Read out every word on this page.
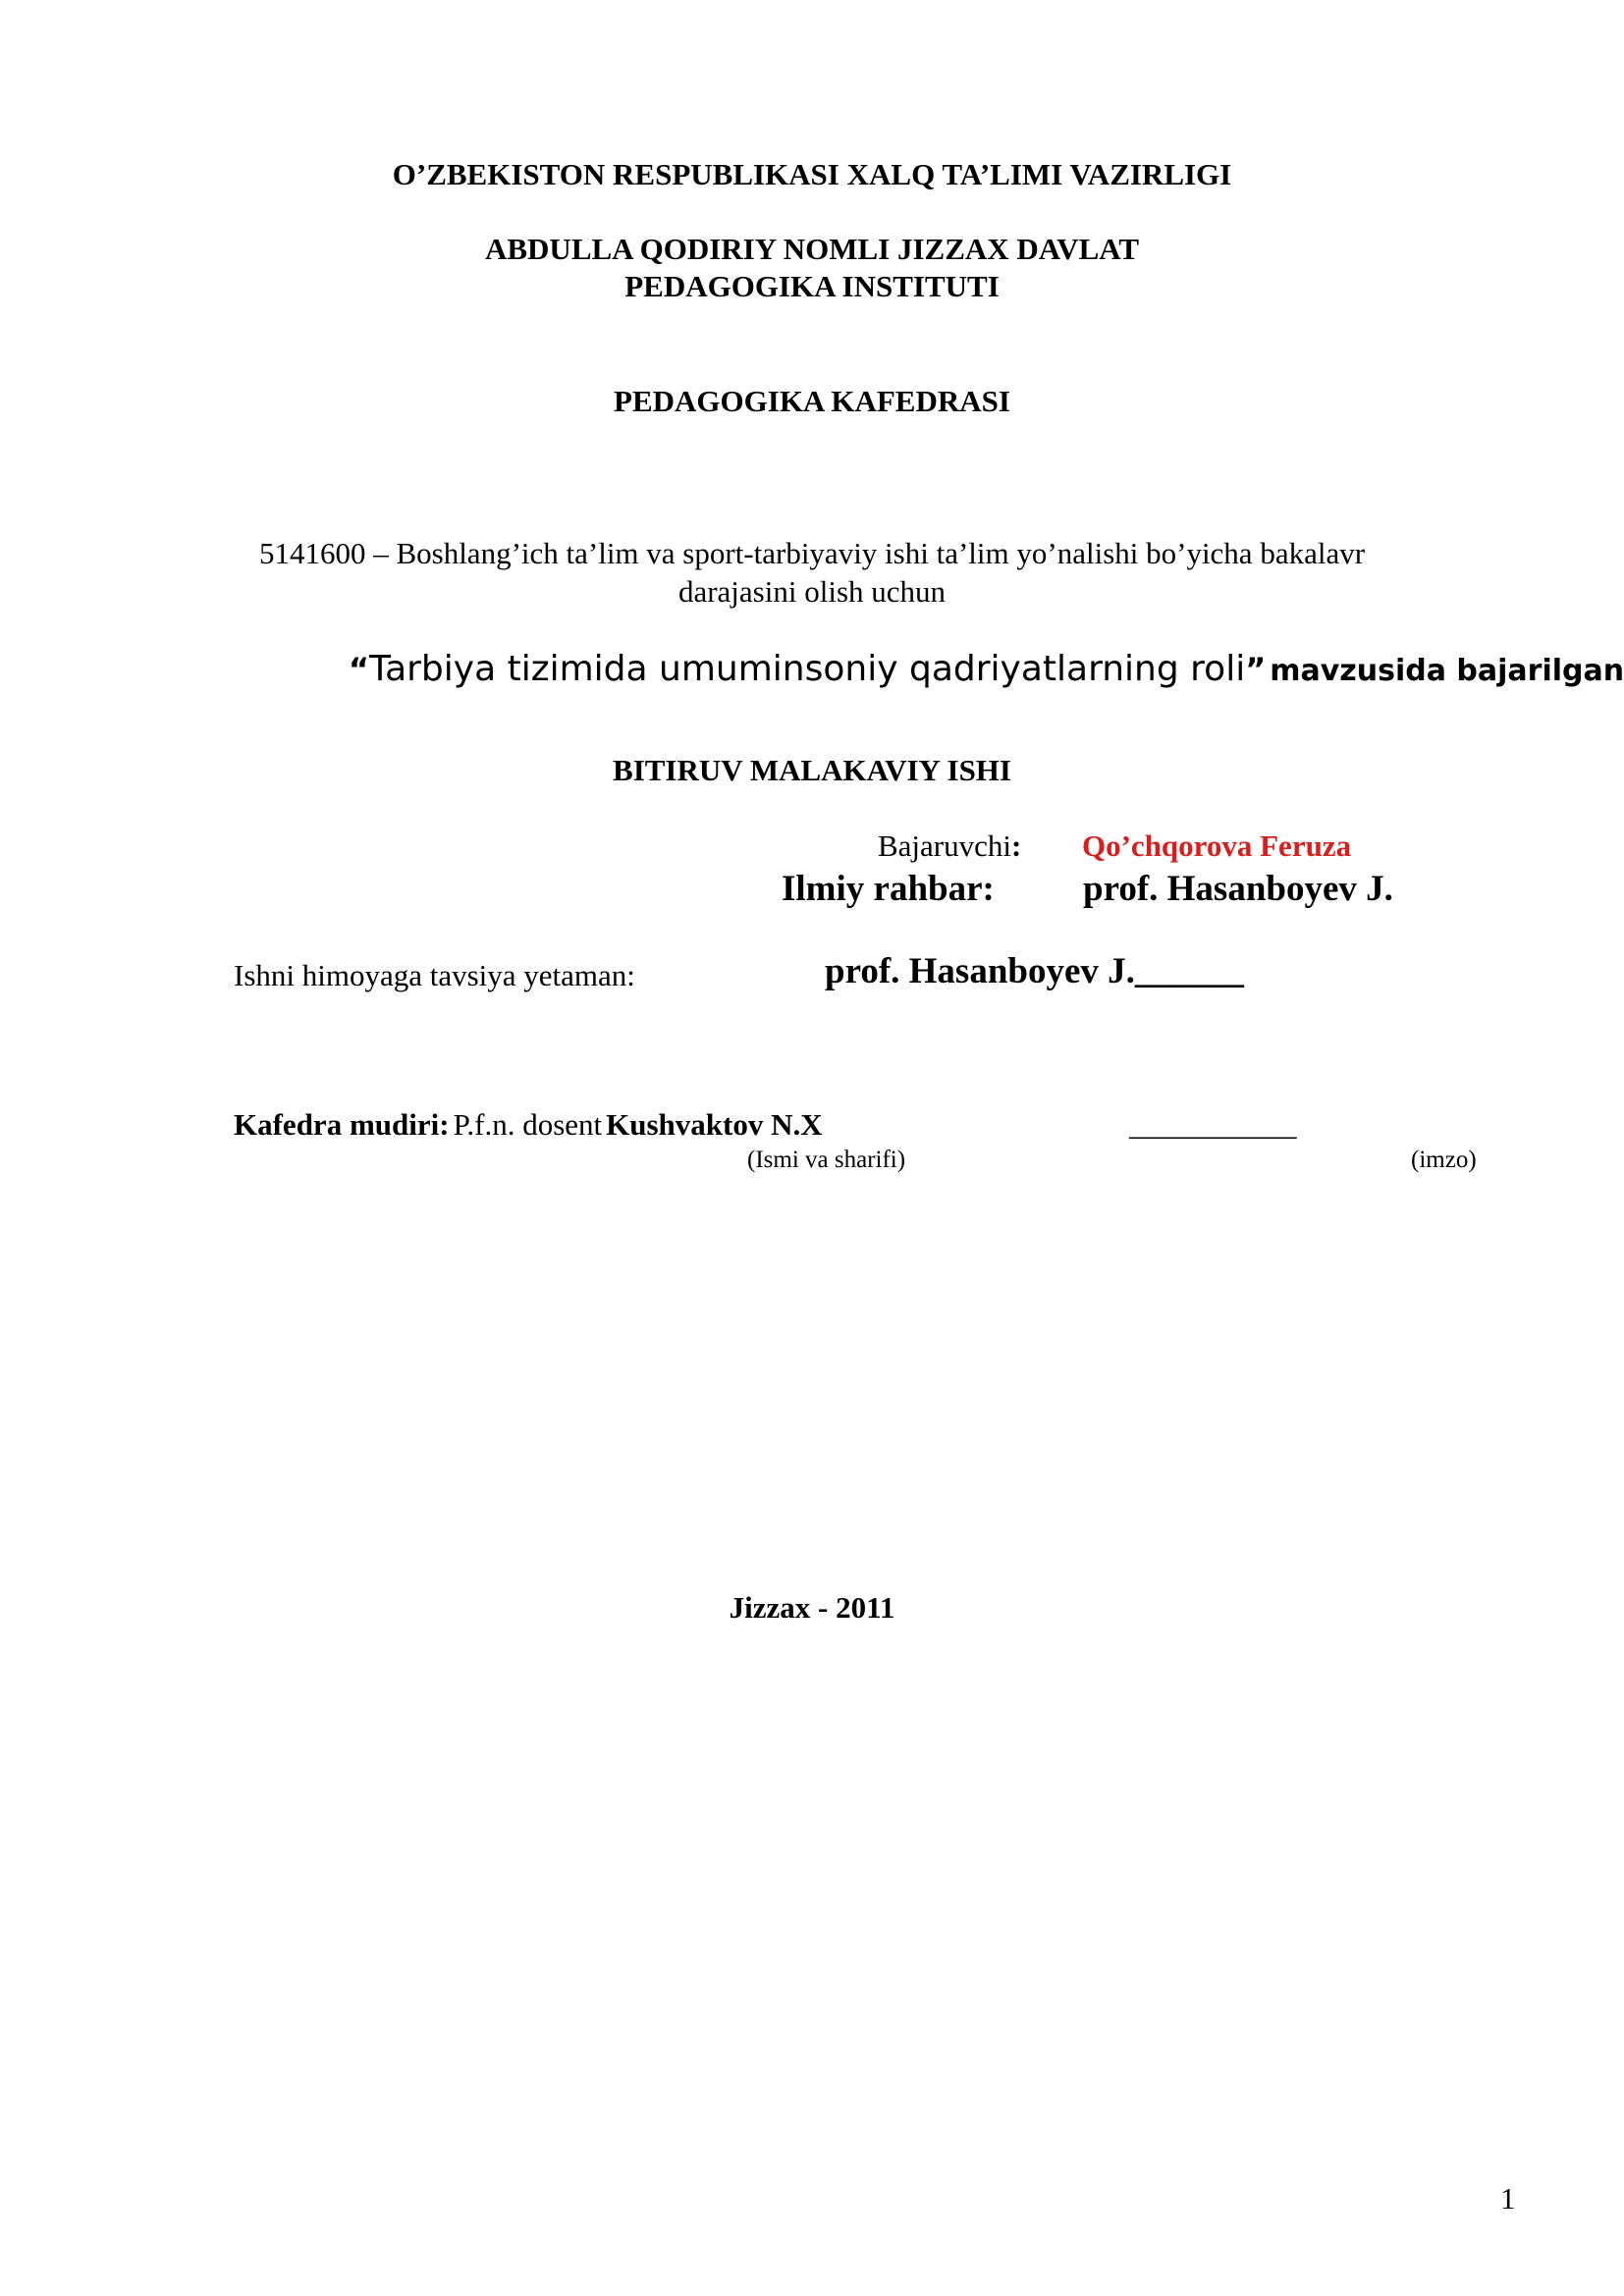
O’ZBEKISTON RESPUBLIKASI XALQ TA’LIMI VAZIRLIGI
ABDULLA QODIRIY NOMLI JIZZAX DAVLAT
PEDAGOGIKA INSTITUTI
PEDAGOGIKA KAFEDRASI
5141600 – Boshlang’ich ta’lim va sport-tarbiyaviy ishi ta’lim yo’nalishi bo’yicha bakalavr
darajasini olish uchun
“Tarbiya tizimida umuminsoniy qadriyatlarning roli” mavzusida bajarilgan
BITIRUV MALAKAVIY ISHI
Bajaruvchi: Qo’chqorova Feruza
Ilmiy rahbar: prof. Hasanboyev J.
Ishni himoyaga tavsiya yetaman:	prof. Hasanboyev J.______
Kafedra mudiri: P.f.n. dosent Kushvaktov N.X	___________
(Ismi va sharifi)	(imzo)
Jizzax - 2011
1
